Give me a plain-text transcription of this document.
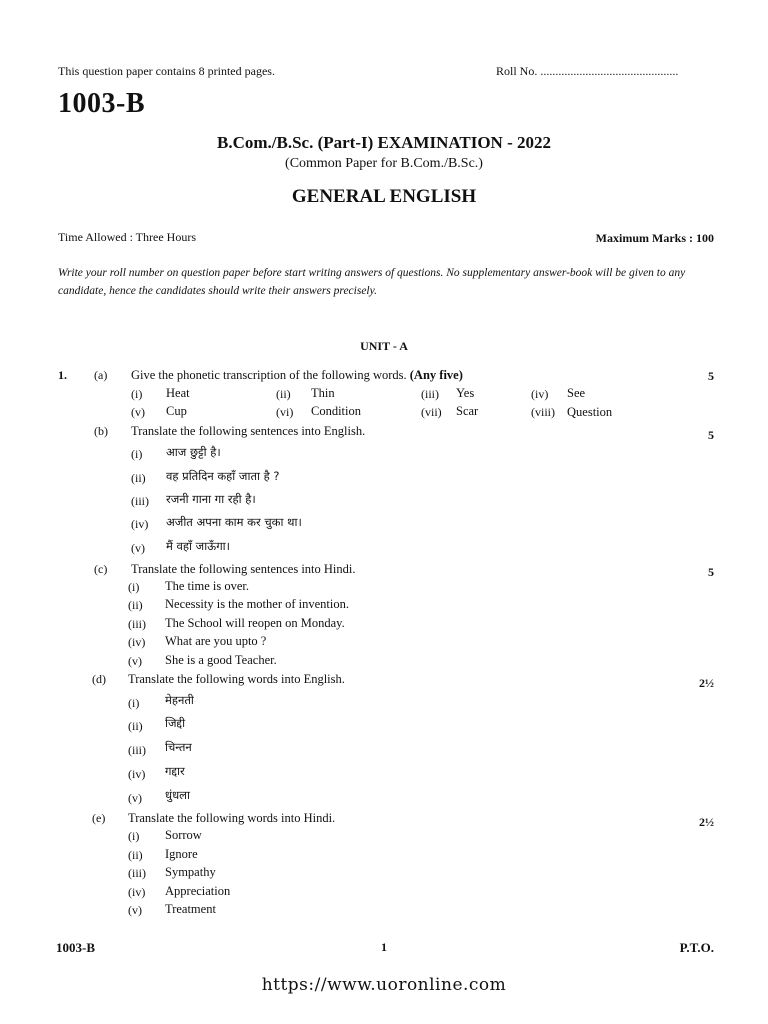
This question paper contains 8 printed pages.	Roll No. ..............................................
1003-B
B.Com./B.Sc. (Part-I) EXAMINATION - 2022
(Common Paper for B.Com./B.Sc.)
GENERAL ENGLISH
Time Allowed : Three Hours	Maximum Marks : 100
Write your roll number on question paper before start writing answers of questions. No supplementary answer-book will be given to any candidate, hence the candidates should write their answers precisely.
UNIT - A
1. (a) Give the phonetic transcription of the following words. (Any five)	5
(i) Heat	(ii) Thin	(iii) Yes	(iv) See
(v) Cup	(vi) Condition	(vii) Scar	(viii) Question
(b) Translate the following sentences into English.	5
(i) आज छुट्टी है।
(ii) वह प्रतिदिन कहाँ जाता है ?
(iii) रजनी गाना गा रही है।
(iv) अजीत अपना काम कर चुका था।
(v) मैं वहाँ जाऊँगा।
(c) Translate the following sentences into Hindi.	5
(i) The time is over.
(ii) Necessity is the mother of invention.
(iii) The School will reopen on Monday.
(iv) What are you upto ?
(v) She is a good Teacher.
(d) Translate the following words into English.	2½
(i) मेहनती
(ii) जिद्दी
(iii) चिन्तन
(iv) गद्दार
(v) धुंधला
(e) Translate the following words into Hindi.	2½
(i) Sorrow
(ii) Ignore
(iii) Sympathy
(iv) Appreciation
(v) Treatment
1003-B	1	P.T.O.
https://www.uoronline.com
